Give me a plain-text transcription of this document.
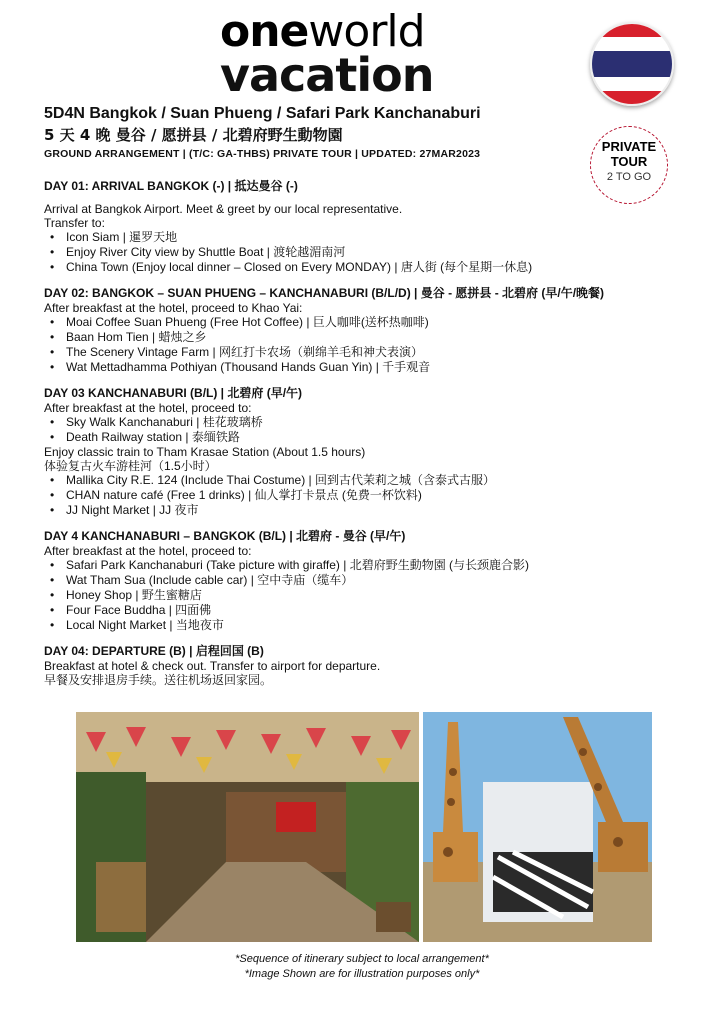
oneworld
vacation
PRIVATE
TOUR
2 TO GO
5D4N Bangkok / Suan Phueng / Safari Park Kanchanaburi
5 天 4 晚 曼谷 / 愿拼县 / 北碧府野生動物園
GROUND ARRANGEMENT | (T/C: GA-THBS) PRIVATE TOUR | UPDATED: 27MAR2023
DAY 01: ARRIVAL BANGKOK (-) | 抵达曼谷 (-)

Arrival at Bangkok Airport. Meet & greet by our local representative.

Transfer to:

• Icon Siam | 暹罗天地
• Enjoy River City view by Shuttle Boat | 渡轮越湄南河
• China Town (Enjoy local dinner – Closed on Every MONDAY) | 唐人街 (每个星期一休息)
DAY 02: BANGKOK – SUAN PHUENG – KANCHANABURI (B/L/D) | 曼谷 - 愿拼县 - 北碧府 (早/午/晚餐)

After breakfast at the hotel, proceed to Khao Yai:

• Moai Coffee Suan Phueng (Free Hot Coffee) | 巨人咖啡(送杯热咖啡)
• Baan Hom Tien | 蜡烛之乡
• The Scenery Vintage Farm | 网红打卡农场（剃绵羊毛和神犬表演）
• Wat Mettadhamma Pothiyan (Thousand Hands Guan Yin) | 千手观音
DAY 03 KANCHANABURI (B/L) | 北碧府 (早/午)

After breakfast at the hotel, proceed to:

• Sky Walk Kanchanaburi | 桂花玻璃桥
• Death Railway station | 泰缅铁路

Enjoy classic train to Tham Krasae Station (About 1.5 hours)

体验复古火车游桂河（1.5小时）

• Mallika City R.E. 124 (Include Thai Costume) | 回到古代茉莉之城（含泰式古服）
• CHAN nature café (Free 1 drinks) | 仙人掌打卡景点 (免费一杯饮料)
• JJ Night Market | JJ 夜市
DAY 4 KANCHANABURI – BANGKOK (B/L) | 北碧府 - 曼谷 (早/午)

After breakfast at the hotel, proceed to:

• Safari Park Kanchanaburi (Take picture with giraffe) | 北碧府野生動物園 (与长颈鹿合影)
• Wat Tham Sua (Include cable car) | 空中寺庙（缆车）
• Honey Shop | 野生蜜糖店
• Four Face Buddha | 四面佛
• Local Night Market | 当地夜市
DAY 04: DEPARTURE (B) | 启程回国 (B)

Breakfast at hotel & check out. Transfer to airport for departure.

早餐及安排退房手续。送往机场返回家园。

*Sequence of itinerary subject to local arrangement*
*Image Shown are for illustration purposes only*
